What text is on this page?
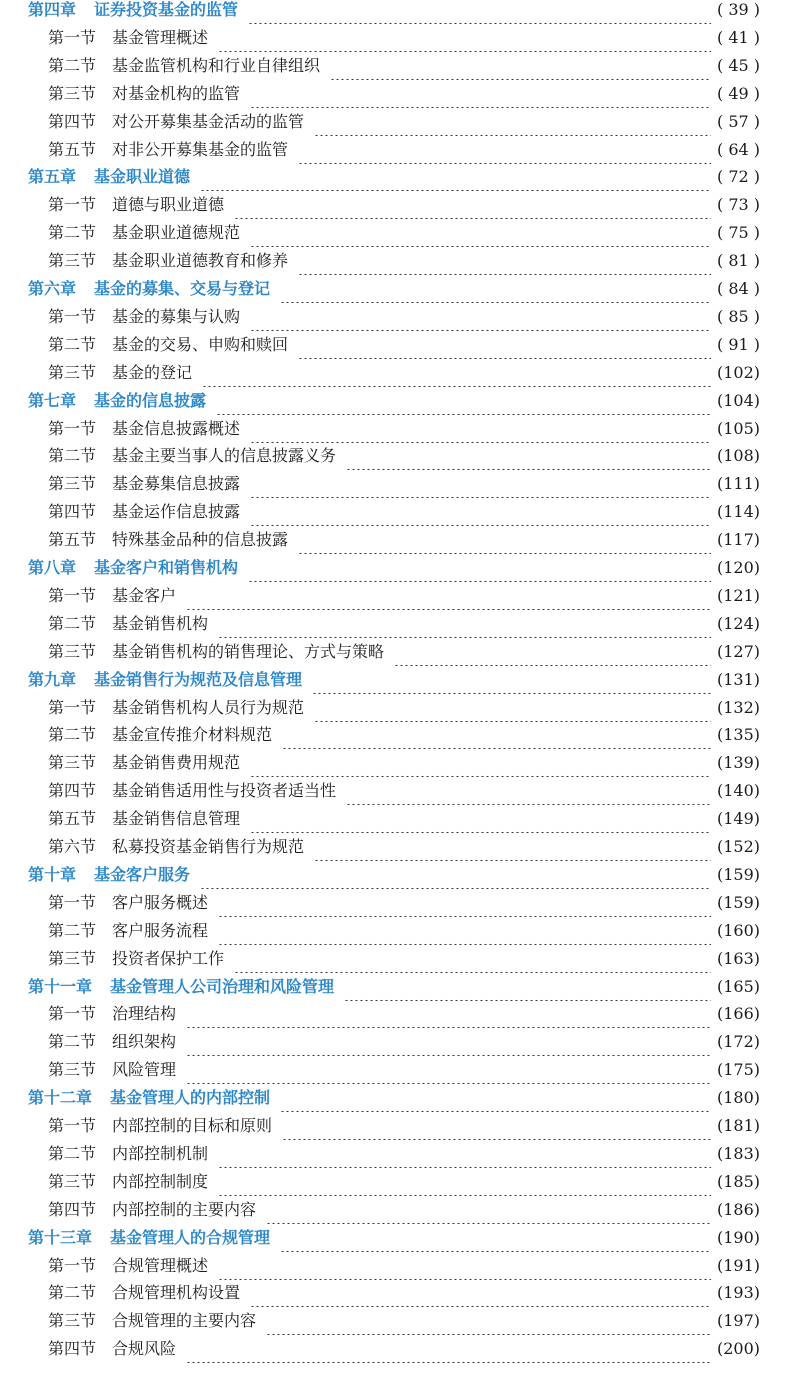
第四章 证券投资基金的监管	( 39 )
第一节 基金管理概述	( 41 )
第二节 基金监管机构和行业自律组织	( 45 )
第三节 对基金机构的监管	( 49 )
第四节 对公开募集基金活动的监管	( 57 )
第五节 对非公开募集基金的监管	( 64 )
第五章 基金职业道德	( 72 )
第一节 道德与职业道德	( 73 )
第二节 基金职业道德规范	( 75 )
第三节 基金职业道德教育和修养	( 81 )
第六章 基金的募集、交易与登记	( 84 )
第一节 基金的募集与认购	( 85 )
第二节 基金的交易、申购和赎回	( 91 )
第三节 基金的登记	(102)
第七章 基金的信息披露	(104)
第一节 基金信息披露概述	(105)
第二节 基金主要当事人的信息披露义务	(108)
第三节 基金募集信息披露	(111)
第四节 基金运作信息披露	(114)
第五节 特殊基金品种的信息披露	(117)
第八章 基金客户和销售机构	(120)
第一节 基金客户	(121)
第二节 基金销售机构	(124)
第三节 基金销售机构的销售理论、方式与策略	(127)
第九章 基金销售行为规范及信息管理	(131)
第一节 基金销售机构人员行为规范	(132)
第二节 基金宣传推介材料规范	(135)
第三节 基金销售费用规范	(139)
第四节 基金销售适用性与投资者适当性	(140)
第五节 基金销售信息管理	(149)
第六节 私募投资基金销售行为规范	(152)
第十章 基金客户服务	(159)
第一节 客户服务概述	(159)
第二节 客户服务流程	(160)
第三节 投资者保护工作	(163)
第十一章 基金管理人公司治理和风险管理	(165)
第一节 治理结构	(166)
第二节 组织架构	(172)
第三节 风险管理	(175)
第十二章 基金管理人的内部控制	(180)
第一节 内部控制的目标和原则	(181)
第二节 内部控制机制	(183)
第三节 内部控制制度	(185)
第四节 内部控制的主要内容	(186)
第十三章 基金管理人的合规管理	(190)
第一节 合规管理概述	(191)
第二节 合规管理机构设置	(193)
第三节 合规管理的主要内容	(197)
第四节 合规风险	(200)
